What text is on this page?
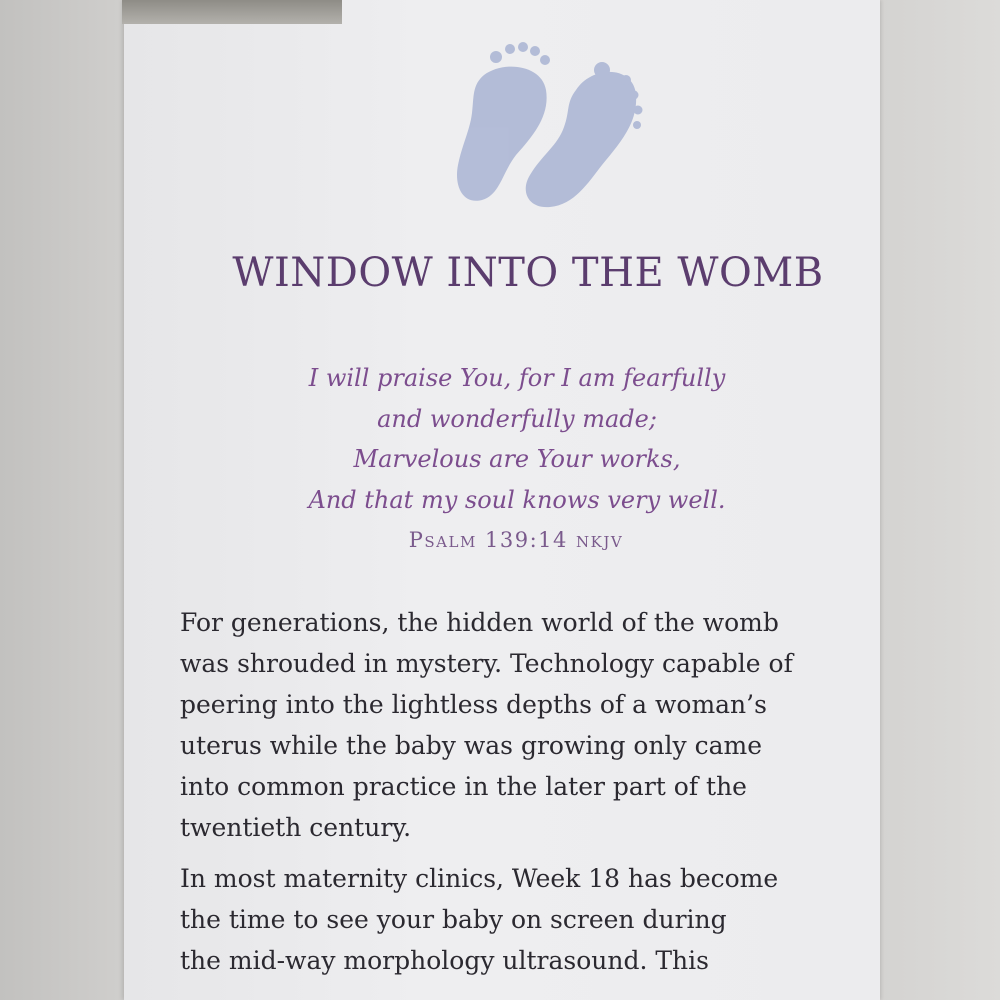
WINDOW INTO THE WOMB
I will praise You, for I am fearfully
and wonderfully made;
Marvelous are Your works,
And that my soul knows very well.
Psalm 139:14 nkjv

For generations, the hidden world of the womb
was shrouded in mystery. Technology capable of
peering into the lightless depths of a woman’s
uterus while the baby was growing only came
into common practice in the later part of the
twentieth century.

In most maternity clinics, Week 18 has become
the time to see your baby on screen during
the mid-way morphology ultrasound. This
